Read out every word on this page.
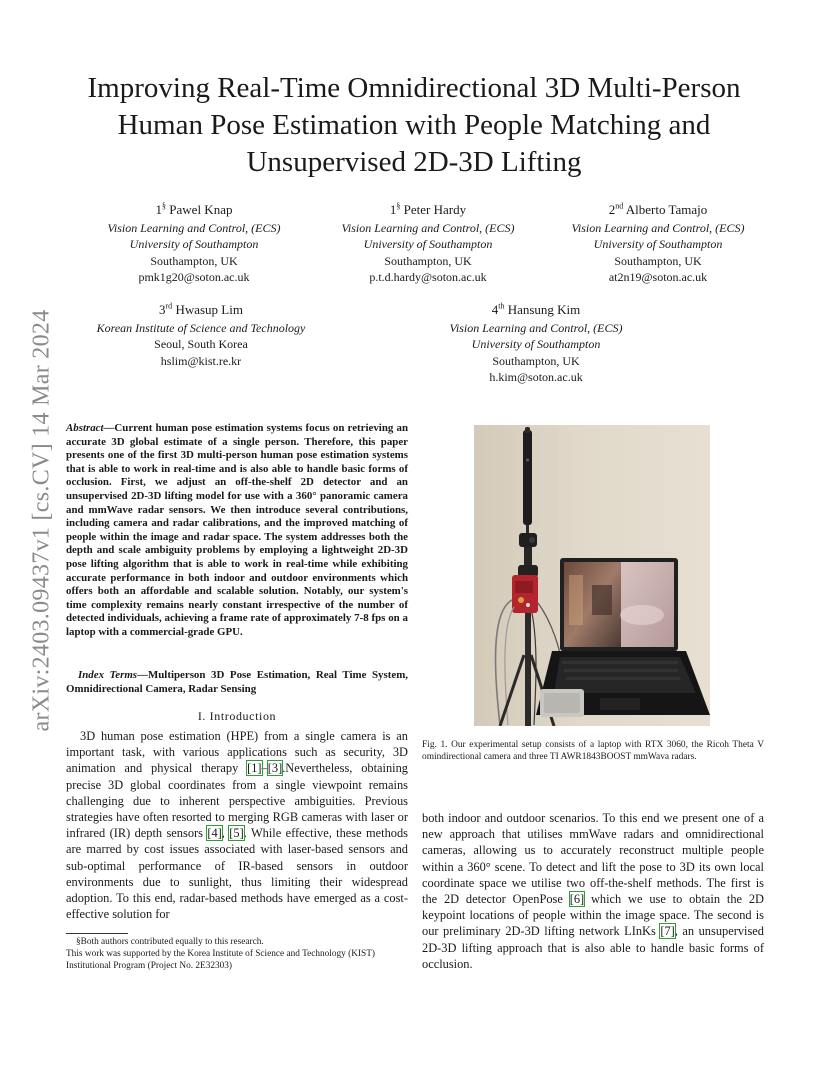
arXiv:2403.09437v1 [cs.CV] 14 Mar 2024
Improving Real-Time Omnidirectional 3D Multi-Person Human Pose Estimation with People Matching and Unsupervised 2D-3D Lifting
1§ Pawel Knap
Vision Learning and Control, (ECS)
University of Southampton
Southampton, UK
pmk1g20@soton.ac.uk
1§ Peter Hardy
Vision Learning and Control, (ECS)
University of Southampton
Southampton, UK
p.t.d.hardy@soton.ac.uk
2nd Alberto Tamajo
Vision Learning and Control, (ECS)
University of Southampton
Southampton, UK
at2n19@soton.ac.uk
3rd Hwasup Lim
Korean Institute of Science and Technology
Seoul, South Korea
hslim@kist.re.kr
4th Hansung Kim
Vision Learning and Control, (ECS)
University of Southampton
Southampton, UK
h.kim@soton.ac.uk

Abstract—Current human pose estimation systems focus on retrieving an accurate 3D global estimate of a single person. Therefore, this paper presents one of the first 3D multi-person human pose estimation systems that is able to work in real-time and is also able to handle basic forms of occlusion. First, we adjust an off-the-shelf 2D detector and an unsupervised 2D-3D lifting model for use with a 360° panoramic camera and mmWave radar sensors. We then introduce several contributions, including camera and radar calibrations, and the improved matching of people within the image and radar space. The system addresses both the depth and scale ambiguity problems by employing a lightweight 2D-3D pose lifting algorithm that is able to work in real-time while exhibiting accurate performance in both indoor and outdoor environments which offers both an affordable and scalable solution. Notably, our system's time complexity remains nearly constant irrespective of the number of detected individuals, achieving a frame rate of approximately 7-8 fps on a laptop with a commercial-grade GPU.

Index Terms—Multiperson 3D Pose Estimation, Real Time System, Omnidirectional Camera, Radar Sensing

I. Introduction

3D human pose estimation (HPE) from a single camera is an important task, with various applications such as security, 3D animation and physical therapy [1]–[3].Nevertheless, obtaining precise 3D global coordinates from a single viewpoint remains challenging due to inherent perspective ambiguities. Previous strategies have often resorted to merging RGB cameras with laser or infrared (IR) depth sensors [4], [5]. While effective, these methods are marred by cost issues associated with laser-based sensors and sub-optimal performance of IR-based sensors in outdoor environments due to sunlight, thus limiting their widespread adoption. To this end, radar-based methods have emerged as a cost-effective solution for

§Both authors contributed equally to this research.

This work was supported by the Korea Institute of Science and Technology (KIST) Institutional Program (Project No. 2E32303)

Fig. 1. Our experimental setup consists of a laptop with RTX 3060, the Ricoh Theta V omindirectional camera and three TI AWR1843BOOST mmWava radars.

both indoor and outdoor scenarios. To this end we present one of a new approach that utilises mmWave radars and omnidirectional cameras, allowing us to accurately reconstruct multiple people within a 360° scene. To detect and lift the pose to 3D its own local coordinate space we utilise two off-the-shelf methods. The first is the 2D detector OpenPose [6] which we use to obtain the 2D keypoint locations of people within the image space. The second is our preliminary 2D-3D lifting network LInKs [7], an unsupervised 2D-3D lifting approach that is also able to handle basic forms of occlusion.
